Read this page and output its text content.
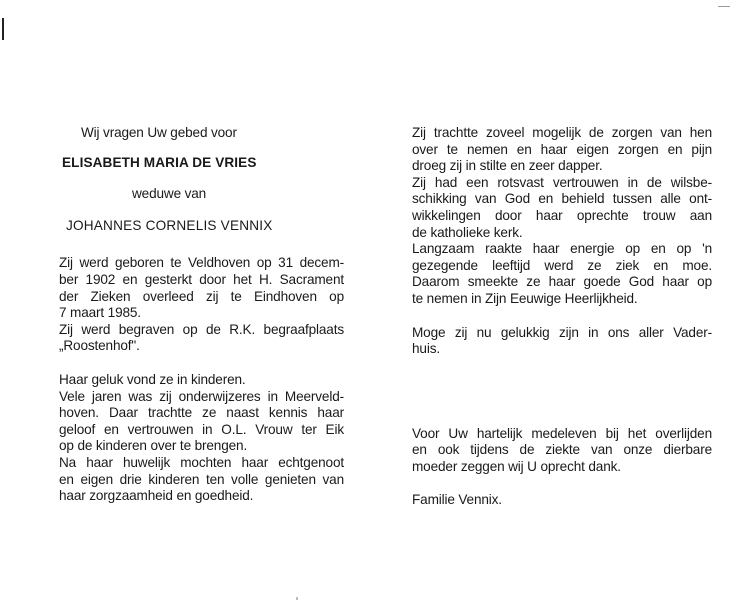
Wij vragen Uw gebed voor

ELISABETH MARIA DE VRIES

weduwe van

JOHANNES CORNELIS VENNIX

Zij werd geboren te Veldhoven op 31 decem-
ber 1902 en gesterkt door het H. Sacrament
der Zieken overleed zij te Eindhoven op
7 maart 1985.
Zij werd begraven op de R.K. begraafplaats
„Roostenhof".

Haar geluk vond ze in kinderen.
Vele jaren was zij onderwijzeres in Meerveld-
hoven. Daar trachtte ze naast kennis haar
geloof en vertrouwen in O.L. Vrouw ter Eik
op de kinderen over te brengen.
Na haar huwelijk mochten haar echtgenoot
en eigen drie kinderen ten volle genieten van
haar zorgzaamheid en goedheid.

Zij trachtte zoveel mogelijk de zorgen van hen
over te nemen en haar eigen zorgen en pijn
droeg zij in stilte en zeer dapper.
Zij had een rotsvast vertrouwen in de wilsbe-
schikking van God en behield tussen alle ont-
wikkelingen door haar oprechte trouw aan
de katholieke kerk.
Langzaam raakte haar energie op en op 'n
gezegende leeftijd werd ze ziek en moe.
Daarom smeekte ze haar goede God haar op
te nemen in Zijn Eeuwige Heerlijkheid.

Moge zij nu gelukkig zijn in ons aller Vader-
huis.

Voor Uw hartelijk medeleven bij het overlijden
en ook tijdens de ziekte van onze dierbare
moeder zeggen wij U oprecht dank.

Familie Vennix.
